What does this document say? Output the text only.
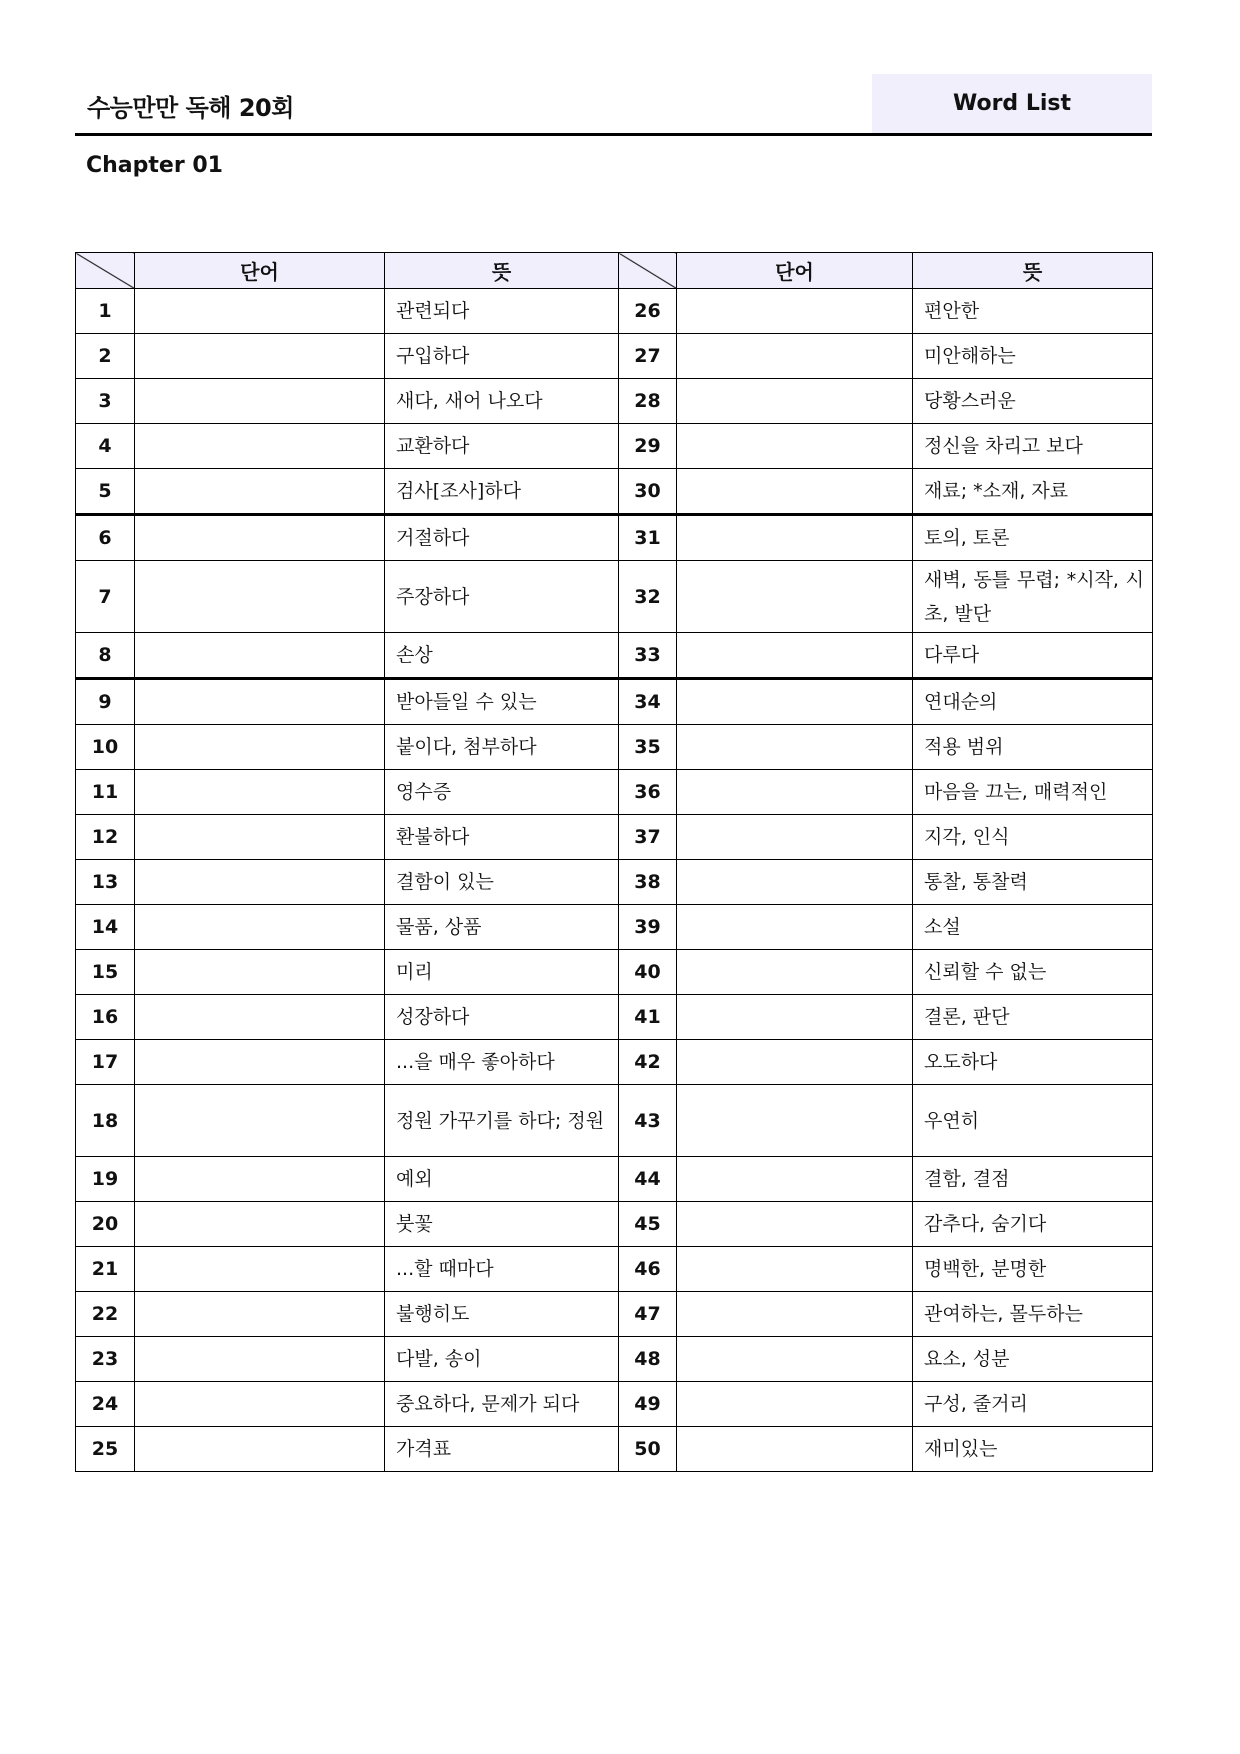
수능만만 독해 20회	Word List
Chapter 01
	단어	뜻		단어	뜻
1		관련되다	26		편안한
2		구입하다	27		미안해하는
3		새다, 새어 나오다	28		당황스러운
4		교환하다	29		정신을 차리고 보다
5		검사[조사]하다	30		재료; *소재, 자료
6		거절하다	31		토의, 토론
7		주장하다	32		새벽, 동틀 무렵; *시작, 시초, 발단
8		손상	33		다루다
9		받아들일 수 있는	34		연대순의
10		붙이다, 첨부하다	35		적용 범위
11		영수증	36		마음을 끄는, 매력적인
12		환불하다	37		지각, 인식
13		결함이 있는	38		통찰, 통찰력
14		물품, 상품	39		소설
15		미리	40		신뢰할 수 없는
16		성장하다	41		결론, 판단
17		...을 매우 좋아하다	42		오도하다
18		정원 가꾸기를 하다; 정원	43		우연히
19		예외	44		결함, 결점
20		붓꽃	45		감추다, 숨기다
21		...할 때마다	46		명백한, 분명한
22		불행히도	47		관여하는, 몰두하는
23		다발, 송이	48		요소, 성분
24		중요하다, 문제가 되다	49		구성, 줄거리
25		가격표	50		재미있는
